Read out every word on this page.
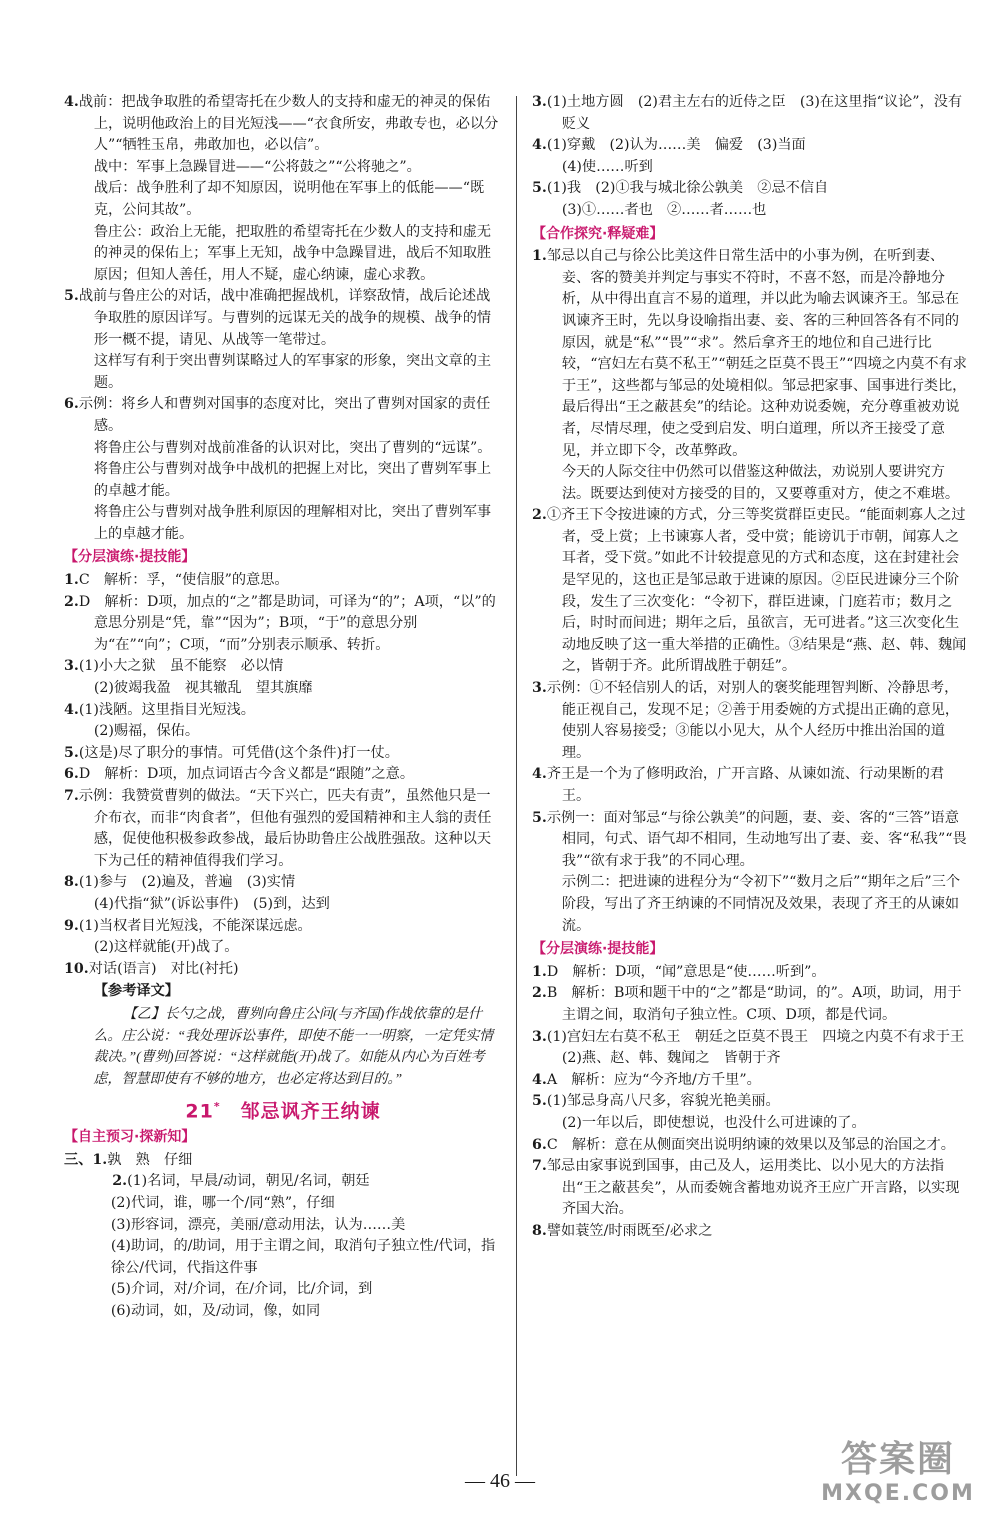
4.战前：把战争取胜的希望寄托在少数人的支持和虚无的神灵的保佑上，说明他政治上的目光短浅——“衣食所安，弗敢专也，必以分人”“牺牲玉帛，弗敢加也，必以信”。

战中：军事上急躁冒进——“公将鼓之”“公将驰之”。

战后：战争胜利了却不知原因，说明他在军事上的低能——“既克，公问其故”。

鲁庄公：政治上无能，把取胜的希望寄托在少数人的支持和虚无的神灵的保佑上；军事上无知，战争中急躁冒进，战后不知取胜原因；但知人善任，用人不疑，虚心纳谏，虚心求教。

5.战前与鲁庄公的对话，战中准确把握战机，详察敌情，战后论述战争取胜的原因详写。与曹刿的远谋无关的战争的规模、战争的情形一概不提，请见、从战等一笔带过。

这样写有利于突出曹刿谋略过人的军事家的形象，突出文章的主题。

6.示例：将乡人和曹刿对国事的态度对比，突出了曹刿对国家的责任感。

将鲁庄公与曹刿对战前准备的认识对比，突出了曹刿的“远谋”。

将鲁庄公与曹刿对战争中战机的把握上对比，突出了曹刿军事上的卓越才能。

将鲁庄公与曹刿对战争胜利原因的理解相对比，突出了曹刿军事上的卓越才能。

【分层演练·提技能】

1.C　解析：孚，“使信服”的意思。

2.D　解析：D项，加点的“之”都是助词，可译为“的”；A项，“以”的意思分别是“凭，靠”“因为”；B项，“于”的意思分别为“在”“向”；C项，“而”分别表示顺承、转折。

3.(1)小大之狱　虽不能察　必以情

(2)彼竭我盈　视其辙乱　望其旗靡

4.(1)浅陋。这里指目光短浅。

(2)赐福，保佑。

5.(这是)尽了职分的事情。可凭借(这个条件)打一仗。

6.D　解析：D项，加点词语古今含义都是“跟随”之意。

7.示例：我赞赏曹刿的做法。“天下兴亡，匹夫有责”，虽然他只是一介布衣，而非“肉食者”，但他有强烈的爱国精神和主人翁的责任感，促使他积极参政参战，最后协助鲁庄公战胜强敌。这种以天下为己任的精神值得我们学习。

8.(1)参与　(2)遍及，普遍　(3)实情

(4)代指“狱”(诉讼事件)　(5)到，达到

9.(1)当权者目光短浅，不能深谋远虑。

(2)这样就能(开)战了。

10.对话(语言)　对比(衬托)

【参考译文】

【乙】长勺之战，曹刿向鲁庄公问(与齐国)作战依靠的是什么。庄公说：“我处理诉讼事件，即使不能一一明察，一定凭实情裁决。”(曹刿)回答说：“这样就能(开)战了。如能从内心为百姓考虑，智慧即使有不够的地方，也必定将达到目的。”

21*  邹忌讽齐王纳谏
【自主预习·探新知】

三、1.孰　熟　仔细

2.(1)名词，早晨/动词，朝见/名词，朝廷

(2)代词，谁，哪一个/同“熟”，仔细

(3)形容词，漂亮，美丽/意动用法，认为……美

(4)助词，的/助词，用于主谓之间，取消句子独立性/代词，指徐公/代词，代指这件事

(5)介词，对/介词，在/介词，比/介词，到

(6)动词，如，及/动词，像，如同

3.(1)土地方圆　(2)君主左右的近侍之臣　(3)在这里指“议论”，没有贬义

4.(1)穿戴　(2)认为……美　偏爱　(3)当面

(4)使……听到

5.(1)我　(2)①我与城北徐公孰美　②忌不信自

(3)①……者也　②……者……也

【合作探究·释疑难】

1.邹忌以自己与徐公比美这件日常生活中的小事为例，在听到妻、妾、客的赞美并判定与事实不符时，不喜不怒，而是冷静地分析，从中得出直言不易的道理，并以此为喻去讽谏齐王。邹忌在讽谏齐王时，先以身设喻指出妻、妾、客的三种回答各有不同的原因，就是“私”“畏”“求”。然后拿齐王的地位和自己进行比较，“宫妇左右莫不私王”“朝廷之臣莫不畏王”“四境之内莫不有求于王”，这些都与邹忌的处境相似。邹忌把家事、国事进行类比，最后得出“王之蔽甚矣”的结论。这种劝说委婉，充分尊重被劝说者，尽情尽理，使之受到启发、明白道理，所以齐王接受了意见，并立即下令，改革弊政。

今天的人际交往中仍然可以借鉴这种做法，劝说别人要讲究方法。既要达到使对方接受的目的，又要尊重对方，使之不难堪。

2.①齐王下令按进谏的方式，分三等奖赏群臣吏民。“能面刺寡人之过者，受上赏；上书谏寡人者，受中赏；能谤讥于市朝，闻寡人之耳者，受下赏。”如此不计较提意见的方式和态度，这在封建社会是罕见的，这也正是邹忌敢于进谏的原因。②臣民进谏分三个阶段，发生了三次变化：“令初下，群臣进谏，门庭若市；数月之后，时时而间进；期年之后，虽欲言，无可进者。”这三次变化生动地反映了这一重大举措的正确性。③结果是“燕、赵、韩、魏闻之，皆朝于齐。此所谓战胜于朝廷”。

3.示例：①不轻信别人的话，对别人的褒奖能理智判断、冷静思考，能正视自己，发现不足；②善于用委婉的方式提出正确的意见，使别人容易接受；③能以小见大，从个人经历中推出治国的道理。

4.齐王是一个为了修明政治，广开言路、从谏如流、行动果断的君王。

5.示例一：面对邹忌“与徐公孰美”的问题，妻、妾、客的“三答”语意相同，句式、语气却不相同，生动地写出了妻、妾、客“私我”“畏我”“欲有求于我”的不同心理。

示例二：把进谏的进程分为“令初下”“数月之后”“期年之后”三个阶段，写出了齐王纳谏的不同情况及效果，表现了齐王的从谏如流。

【分层演练·提技能】

1.D　解析：D项，“闻”意思是“使……听到”。

2.B　解析：B项和题干中的“之”都是“助词，的”。A项，助词，用于主谓之间，取消句子独立性。C项、D项，都是代词。

3.(1)宫妇左右莫不私王　朝廷之臣莫不畏王　四境之内莫不有求于王

(2)燕、赵、韩、魏闻之　皆朝于齐

4.A　解析：应为“今齐地/方千里”。

5.(1)邹忌身高八尺多，容貌光艳美丽。

(2)一年以后，即使想说，也没什么可进谏的了。

6.C　解析：意在从侧面突出说明纳谏的效果以及邹忌的治国之才。

7.邹忌由家事说到国事，由己及人，运用类比、以小见大的方法指出“王之蔽甚矣”，从而委婉含蓄地劝说齐王应广开言路，以实现齐国大治。

8.譬如蓑笠/时雨既至/必求之

— 46 —
答案圈
MXQE.COM
